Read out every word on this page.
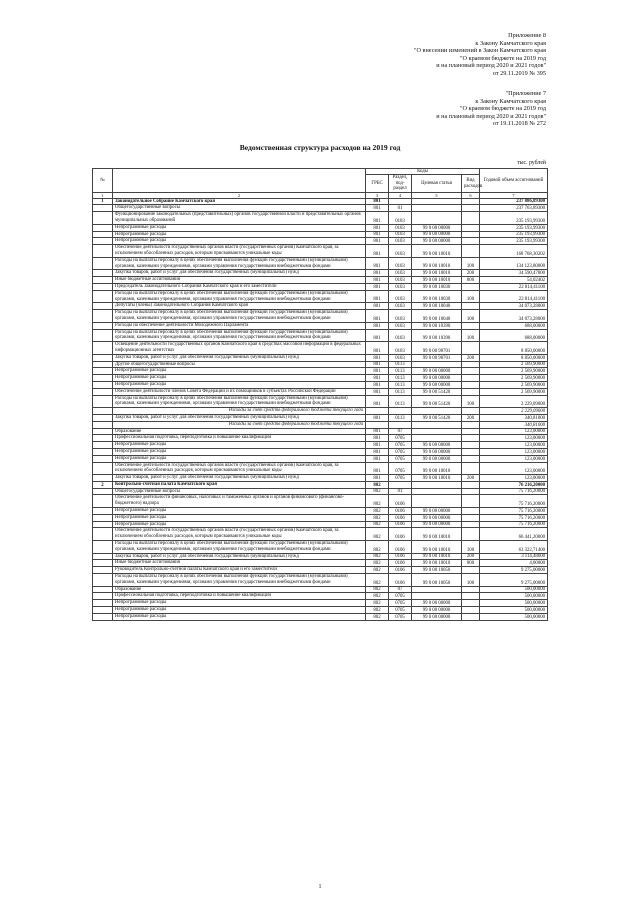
Приложение 8
к Закону Камчатского края
"О внесении изменений в Закон Камчатского края
"О краевом бюджете на 2019 год
и на плановый период 2020 и 2021 годов"
от 29.11.2019 № 395
"Приложение 7
к Закону Камчатского края
"О краевом бюджете на 2019 год
и на плановый период 2020 и 2021 годов"
от 19.11.2018 № 272
Ведомственная структура расходов на 2019 год
тыс. рублей
№		Коды				Годовой объем ассигнований
		ГРБС	Раздел, под-раздел	Целевая статья	Вид расходов	
1	2	3	4	5	6	7
1	Законодательное Собрание Камчатского края	801				237 886,89300
	Общегосударственные вопросы	801	01			237 763,89300
	Функционирование законодательных (представительных) органов государственной власти и представительных органов муниципальных образований	801	0103			235 193,99300
	Непрограммные расходы	801	0103	99 0 00 00000		235 193,99300
	Непрограммные расходы	801	0103	99 0 00 00000		235 193,99300
	Непрограммные расходы	801	0103	99 0 00 00000		235 193,99300
	Обеспечение деятельности государственных органов власти (государственных органов) Камчатского края, за исключением обособленных расходов, которым присваиваются уникальные коды	801	0103	99 0 00 10010		168 768,30202
	Расходы на выплаты персоналу в целях обеспечения выполнения функций государственными (муниципальными) органами, казенными учреждениями, органами управления государственными внебюджетными фондами	801	0103	99 0 00 10010	100	134 123,80000
	Закупка товаров, работ и услуг для обеспечения государственных (муниципальных) нужд	801	0103	99 0 00 10010	200	34 590,47800
	Иные бюджетные ассигнования	801	0103	99 0 00 10010	800	54,02402
	Председатель Законодательного Собрания Камчатского края и его заместители	801	0103	99 0 00 10030		22 814,41100
	Расходы на выплаты персоналу в целях обеспечения выполнения функций государственными (муниципальными) органами, казенными учреждениями, органами управления государственными внебюджетными фондами	801	0103	99 0 00 10030	100	22 814,41100
	Депутаты (члены) Законодательного Собрания Камчатского края	801	0103	99 0 00 10040		34 073,28000
	Расходы на выплаты персоналу в целях обеспечения выполнения функций государственными (муниципальными) органами, казенными учреждениями, органами управления государственными внебюджетными фондами	801	0103	99 0 00 10040	100	34 073,28000
	Расходы на обеспечение деятельности Молодежного Парламента	801	0103	99 0 00 10390		688,00000
	Расходы на выплаты персоналу в целях обеспечения выполнения функций государственными (муниципальными) органами, казенными учреждениями, органами управления государственными внебюджетными фондами	801	0103	99 0 00 10390	100	688,00000
	Освещение деятельности государственных органов Камчатского края в средствах массовой информации в федеральных информационных агентствах	801	0103	99 0 00 98701		8 850,00000
	Закупка товаров, работ и услуг для обеспечения государственных (муниципальных) нужд	801	0103	99 0 00 98701	200	8 850,00000
	Другие общегосударственные вопросы	801	0113			2 569,90000
	Непрограммные расходы	801	0113	99 0 00 00000		2 569,90000
	Непрограммные расходы	801	0113	99 0 00 00000		2 569,90000
	Непрограммные расходы	801	0113	99 0 00 00000		2 569,90000
	Обеспечение деятельности членов Совета Федерации и их помощников в субъектах Российской Федерации	801	0113	99 0 00 51420		2 569,90000
	Расходы на выплаты персоналу в целях обеспечения выполнения функций государственными (муниципальными) органами, казенными учреждениями, органами управления государственными внебюджетными фондами	801	0113	99 0 00 51420	100	2 229,09000
	Расходы за счет средств федерального бюджета текущего года					2 229,09000
	Закупка товаров, работ и услуг для обеспечения государственных (муниципальных) нужд	801	0113	99 0 00 51420	200	340,81000
	Расходы за счет средств федерального бюджета текущего года					340,81000
	Образование	801	07			123,00000
	Профессиональная подготовка, переподготовка и повышение квалификации	801	0705			123,00000
	Непрограммные расходы	801	0705	99 0 00 00000		123,00000
	Непрограммные расходы	801	0705	99 0 00 00000		123,00000
	Непрограммные расходы	801	0705	99 0 00 00000		123,00000
	Обеспечение деятельности государственных органов власти (государственных органов) Камчатского края, за исключением обособленных расходов, которым присваиваются уникальные коды	801	0705	99 0 00 10010		123,00000
	Закупка товаров, работ и услуг для обеспечения государственных (муниципальных) нужд	801	0705	99 0 00 10010	200	123,00000
2	Контрольно-счетная палата Камчатского края	802				76 216,20000
	Общегосударственные вопросы	802	01			75 716,20000
	Обеспечение деятельности финансовых, налоговых и таможенных органов и органов финансового (финансово-бюджетного) надзора	802	0106			75 716,20000
	Непрограммные расходы	802	0106	99 0 00 00000		75 716,20000
	Непрограммные расходы	802	0106	99 0 00 00000		75 716,20000
	Непрограммные расходы	802	0106	99 0 00 00000		75 716,20000
	Обеспечение деятельности государственных органов власти (государственных органов) Камчатского края, за исключением обособленных расходов, которым присваиваются уникальные коды	802	0106	99 0 00 10010		66 441,20000
	Расходы на выплаты персоналу в целях обеспечения выполнения функций государственными (муниципальными) органами, казенными учреждениями, органами управления государственными внебюджетными фондами	802	0106	99 0 00 10010	100	63 322,71400
	Закупка товаров, работ и услуг для обеспечения государственных (муниципальных) нужд	802	0106	99 0 00 10010	200	3 114,48600
	Иные бюджетные ассигнования	802	0106	99 0 00 10010	800	4,00000
	Руководитель Контрольно-счетной палаты Камчатского края и его заместители	802	0106	99 0 00 10050		9 275,00000
	Расходы на выплаты персоналу в целях обеспечения выполнения функций государственными (муниципальными) органами, казенными учреждениями, органами управления государственными внебюджетными фондами	802	0106	99 0 00 10050	100	9 275,00000
	Образование	802	07			500,00000
	Профессиональная подготовка, переподготовка и повышение квалификации	802	0705			500,00000
	Непрограммные расходы	802	0705	99 0 00 00000		500,00000
	Непрограммные расходы	802	0705	99 0 00 00000		500,00000
	Непрограммные расходы	802	0705	99 0 00 00000		500,00000
1
